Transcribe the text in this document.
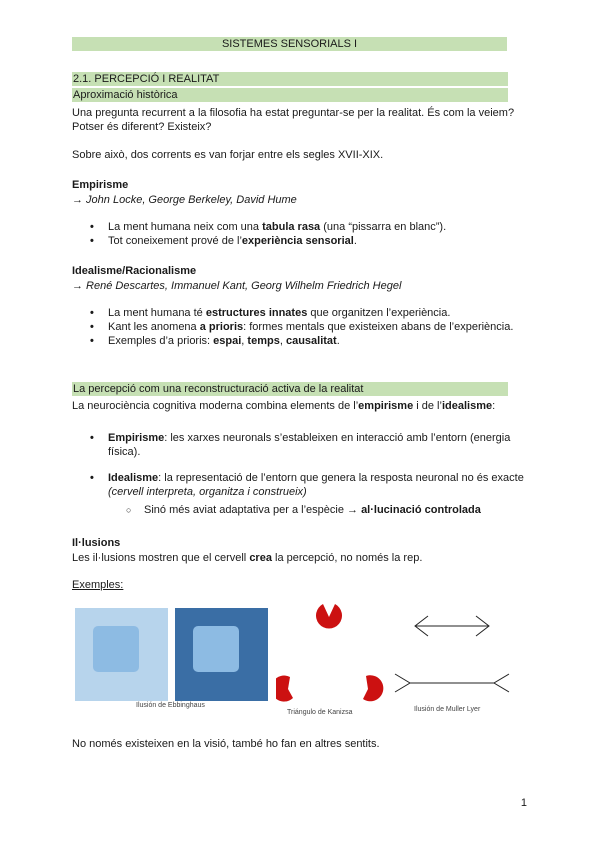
SISTEMES SENSORIALS I
2.1. PERCEPCIÓ I REALITAT
Aproximació històrica
Una pregunta recurrent a la filosofia ha estat preguntar-se per la realitat. És com la veiem? Potser és diferent? Existeix?
Sobre això, dos corrents es van forjar entre els segles XVII-XIX.
Empirisme
→ John Locke, George Berkeley, David Hume
• La ment humana neix com una tabula rasa (una “pissarra en blanc”).
• Tot coneixement prové de l’experiència sensorial.
Idealisme/Racionalisme
→ René Descartes, Immanuel Kant, Georg Wilhelm Friedrich Hegel
• La ment humana té estructures innates que organitzen l’experiència.
• Kant les anomena a prioris: formes mentals que existeixen abans de l’experiència.
• Exemples d’a prioris: espai, temps, causalitat.
La percepció com una reconstructuració activa de la realitat
La neurociència cognitiva moderna combina elements de l’empirisme i de l’idealisme:
• Empirisme: les xarxes neuronals s’estableixen en interacció amb l’entorn (energia física).
• Idealisme: la representació de l’entorn que genera la resposta neuronal no és exacte (cervell interpreta, organitza i construeix)
○ Sinó més aviat adaptativa per a l’espècie → al·lucinació controlada
Il·lusions
Les il·lusions mostren que el cervell crea la percepció, no només la rep.
Exemples:
Ilusión de Ebbinghaus
Triángulo de Kanizsa	Ilusión de Muller Lyer
No només existeixen en la visió, també ho fan en altres sentits.
1
